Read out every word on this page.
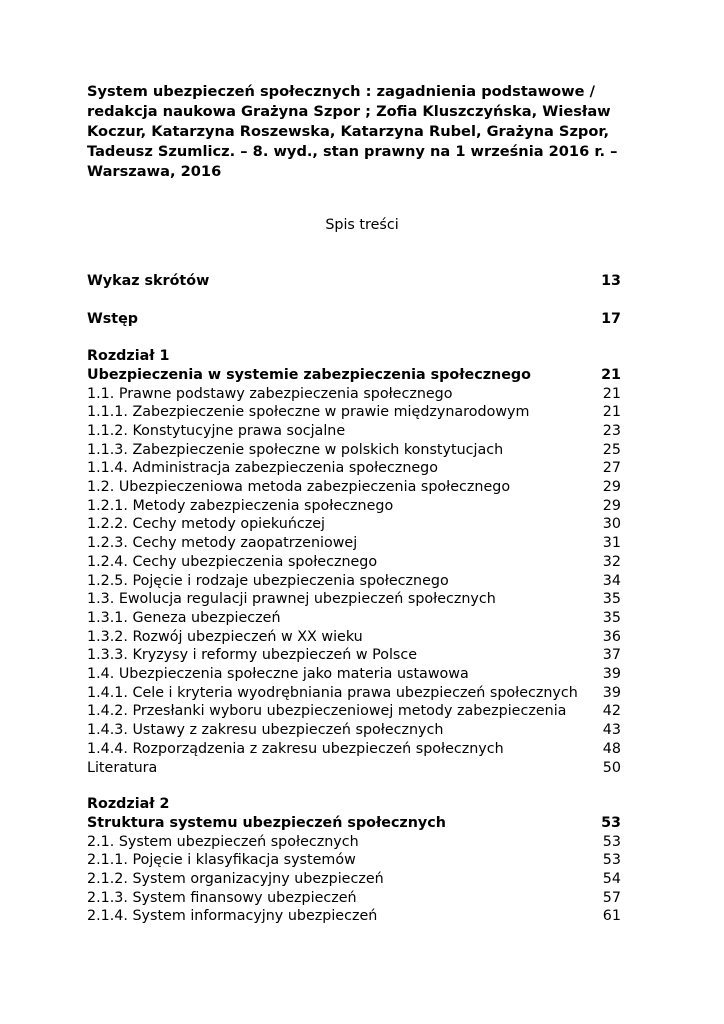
System ubezpieczeń społecznych : zagadnienia podstawowe / redakcja naukowa Grażyna Szpor ; Zofia Kluszczyńska, Wiesław Koczur, Katarzyna Roszewska, Katarzyna Rubel, Grażyna Szpor, Tadeusz Szumlicz. – 8. wyd., stan prawny na 1 września 2016 r. – Warszawa, 2016

Spis treści

Wykaz skrótów	13
Wstęp	17
Rozdział 1
Ubezpieczenia w systemie zabezpieczenia społecznego	21
1.1. Prawne podstawy zabezpieczenia społecznego	21
1.1.1. Zabezpieczenie społeczne w prawie międzynarodowym	21
1.1.2. Konstytucyjne prawa socjalne	23
1.1.3. Zabezpieczenie społeczne w polskich konstytucjach	25
1.1.4. Administracja zabezpieczenia społecznego	27
1.2. Ubezpieczeniowa metoda zabezpieczenia społecznego	29
1.2.1. Metody zabezpieczenia społecznego	29
1.2.2. Cechy metody opiekuńczej	30
1.2.3. Cechy metody zaopatrzeniowej	31
1.2.4. Cechy ubezpieczenia społecznego	32
1.2.5. Pojęcie i rodzaje ubezpieczenia społecznego	34
1.3. Ewolucja regulacji prawnej ubezpieczeń społecznych	35
1.3.1. Geneza ubezpieczeń	35
1.3.2. Rozwój ubezpieczeń w XX wieku	36
1.3.3. Kryzysy i reformy ubezpieczeń w Polsce	37
1.4. Ubezpieczenia społeczne jako materia ustawowa	39
1.4.1. Cele i kryteria wyodrębniania prawa ubezpieczeń społecznych 39
1.4.2. Przesłanki wyboru ubezpieczeniowej metody zabezpieczenia	42
1.4.3. Ustawy z zakresu ubezpieczeń społecznych	43
1.4.4. Rozporządzenia z zakresu ubezpieczeń społecznych	48
Literatura	50
Rozdział 2
Struktura systemu ubezpieczeń społecznych	53
2.1. System ubezpieczeń społecznych	53
2.1.1. Pojęcie i klasyfikacja systemów	53
2.1.2. System organizacyjny ubezpieczeń	54
2.1.3. System finansowy ubezpieczeń	57
2.1.4. System informacyjny ubezpieczeń	61
